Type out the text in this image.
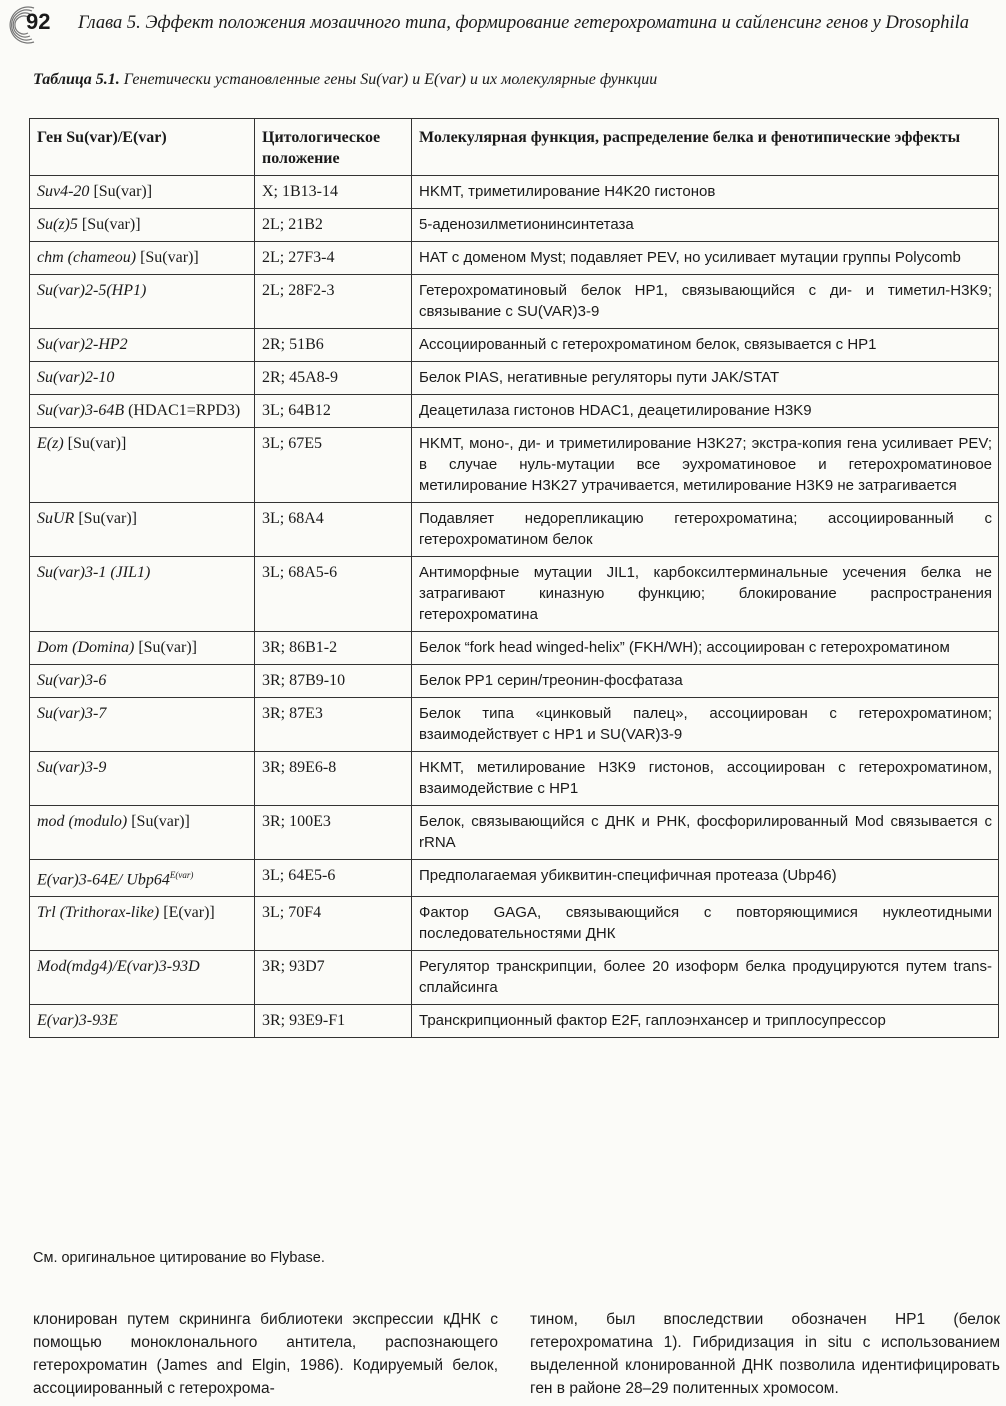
92 Глава 5. Эффект положения мозаичного типа, формирование гетерохроматина и сайленсинг генов у Drosophila
Таблица 5.1. Генетически установленные гены Su(var) и E(var) и их молекулярные функции
Ген Su(var)/E(var)	Цитологическое положение	Молекулярная функция, распределение белка и фенотипические эффекты
Suv4-20 [Su(var)]	X; 1B13-14	HKMT, триметилирование H4K20 гистонов
Su(z)5 [Su(var)]	2L; 21B2	5-аденозилметионинсинтетаза
chm (chameou) [Su(var)]	2L; 27F3-4	HAT с доменом Myst; подавляет PEV, но усиливает мутации группы Polycomb
Su(var)2-5(HP1)	2L; 28F2-3	Гетерохроматиновый белок HP1, связывающийся с ди- и тиметил-H3K9; связывание с SU(VAR)3-9
Su(var)2-HP2	2R; 51B6	Ассоциированный с гетерохроматином белок, связывается с HP1
Su(var)2-10	2R; 45A8-9	Белок PIAS, негативные регуляторы пути JAK/STAT
Su(var)3-64B (HDAC1=RPD3)	3L; 64B12	Деацетилаза гистонов HDAC1, деацетилирование H3K9
E(z) [Su(var)]	3L; 67E5	HKMT, моно-, ди- и триметилирование H3K27; экстра-копия гена усиливает PEV; в случае нуль-мутации все эухроматиновое и гетерохроматиновое метилирование H3K27 утрачивается, метилирование H3K9 не затрагивается
SuUR [Su(var)]	3L; 68A4	Подавляет недорепликацию гетерохроматина; ассоциированный с гетерохроматином белок
Su(var)3-1 (JIL1)	3L; 68A5-6	Антиморфные мутации JIL1, карбоксилтерминальные усечения белка не затрагивают киназную функцию; блокирование распространения гетерохроматина
Dom (Domina) [Su(var)]	3R; 86B1-2	Белок “fork head winged-helix” (FKH/WH); ассоциирован с гетерохроматином
Su(var)3-6	3R; 87B9-10	Белок PP1 серин/треонин-фосфатаза
Su(var)3-7	3R; 87E3	Белок типа «цинковый палец», ассоциирован с гетерохроматином; взаимодействует с HP1 и SU(VAR)3-9
Su(var)3-9	3R; 89E6-8	HKMT, метилирование H3K9 гистонов, ассоциирован с гетерохроматином, взаимодействие с HP1
mod (modulo) [Su(var)]	3R; 100E3	Белок, связывающийся с ДНК и РНК, фосфорилированный Mod связывается с rRNA
E(var)3-64E/ $Ubp64^{E(var)}$	3L; 64E5-6	Предполагаемая убиквитин-специфичная протеаза (Ubp46)
Trl (Trithorax-like) [E(var)]	3L; 70F4	Фактор GAGA, связывающийся с повторяющимися нуклеотидными последовательностями ДНК
Mod(mdg4)/E(var)3-93D	3R; 93D7	Регулятор транскрипции, более 20 изоформ белка продуцируются путем trans-сплайсинга
E(var)3-93E	3R; 93E9-F1	Транскрипционный фактор E2F, гаплоэнхансер и триплосупрессор
См. оригинальное цитирование во Flybase.
клонирован путем скрининга библиотеки экспрессии кДНК с помощью моноклонального антитела, распознающего гетерохроматин (James and Elgin, 1986). Кодируемый белок, ассоциированный с гетерохрома-
тином, был впоследствии обозначен HP1 (белок гетерохроматина 1). Гибридизация in situ с использованием выделенной клонированной ДНК позволила идентифицировать ген в районе 28–29 политенных хромосом.
